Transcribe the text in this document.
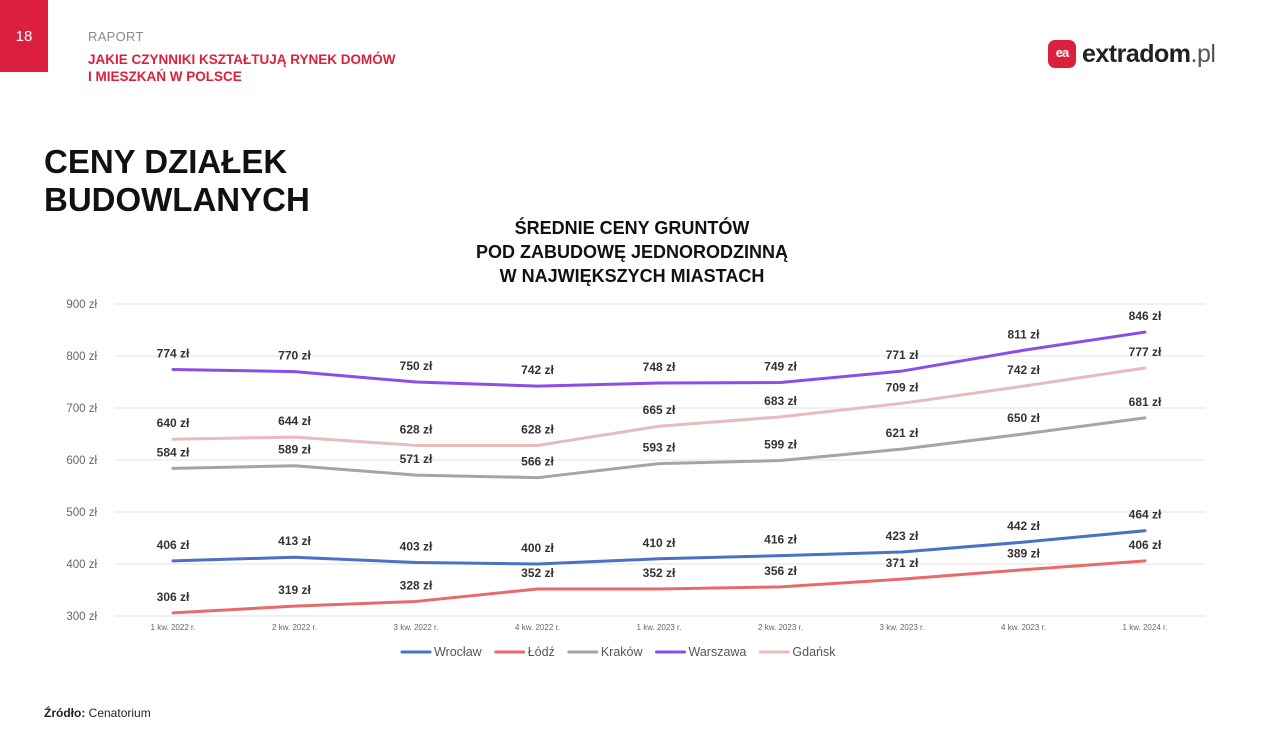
18	RAPORT
JAKIE CZYNNIKI KSZTAŁTUJĄ RYNEK DOMÓW
I MIESZKAŃ W POLSCE
ea extradom.pl
CENY DZIAŁEK
BUDOWLANYCH
ŚREDNIE CENY GRUNTÓW
POD ZABUDOWĘ JEDNORODZINNĄ
W NAJWIĘKSZYCH MIASTACH
300 zł
400 zł
500 zł
600 zł
700 zł
800 zł
900 zł
1 kw. 2022 r.	2 kw. 2022 r.	3 kw. 2022 r.	4 kw. 2022 r.	1 kw. 2023 r.	2 kw. 2023 r.	3 kw. 2023 r.	4 kw. 2023 r.	1 kw. 2024 r.
406 zł	413 zł	403 zł	400 zł	410 zł	416 zł	423 zł
442 zł
464 zł
306 zł	319 zł	328 zł
352 zł	352 zł	356 zł
371 zł
389 zł
406 zł
584 zł	589 zł
571 zł	566 zł
593 zł	599 zł
621 zł
650 zł
681 zł
774 zł	770 zł
750 zł	742 zł	748 zł	749 zł
771 zł
811 zł
846 zł
640 zł	644 zł
628 zł	628 zł
665 zł
683 zł
709 zł
742 zł
777 zł
Wrocław	Łódź	Kraków	Warszawa	Gdańsk
Źródło: Cenatorium
